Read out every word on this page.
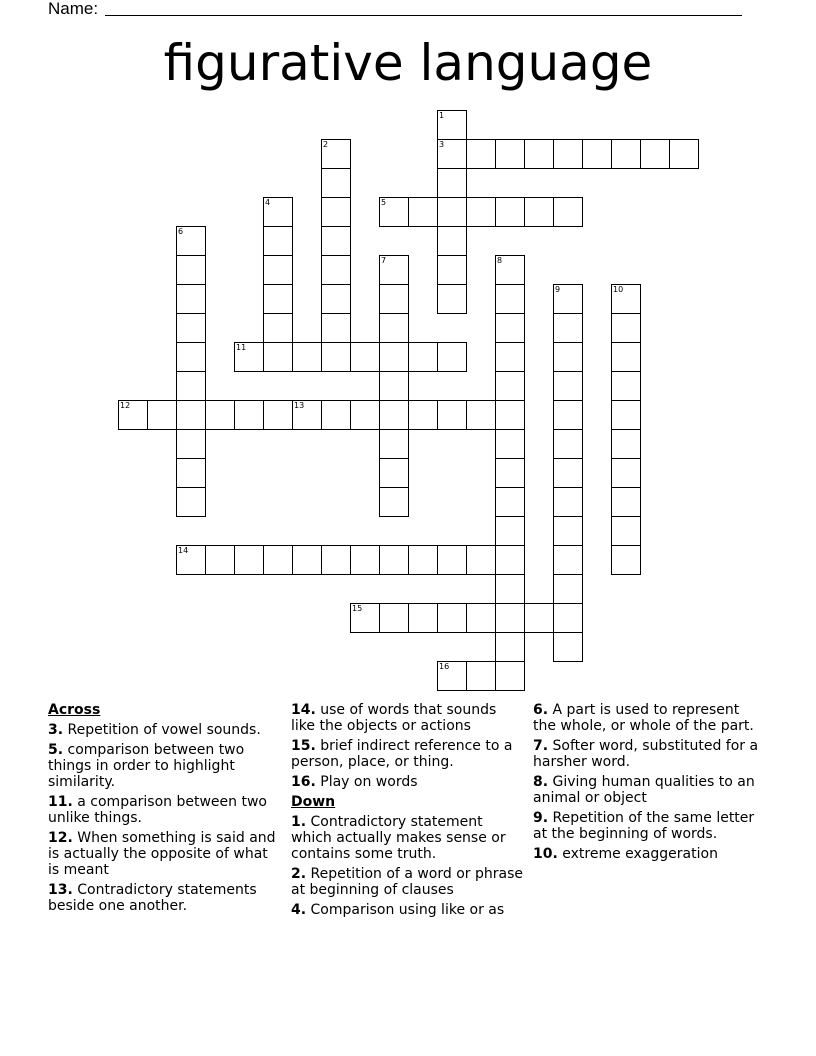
Name:
figurative language
1
3
2
4	5
6
7	8
9	10
11
12	13
14
15
16
Across
3. Repetition of vowel sounds.
5. comparison between two things in order to highlight similarity.
11. a comparison between two unlike things.
12. When something is said and is actually the opposite of what is meant
13. Contradictory statements beside one another.
14. use of words that sounds like the objects or actions
15. brief indirect reference to a person, place, or thing.
16. Play on words
Down
1. Contradictory statement which actually makes sense or contains some truth.
2. Repetition of a word or phrase at beginning of clauses
4. Comparison using like or as
6. A part is used to represent the whole, or whole of the part.
7. Softer word, substituted for a harsher word.
8. Giving human qualities to an animal or object
9. Repetition of the same letter at the beginning of words.
10. extreme exaggeration
